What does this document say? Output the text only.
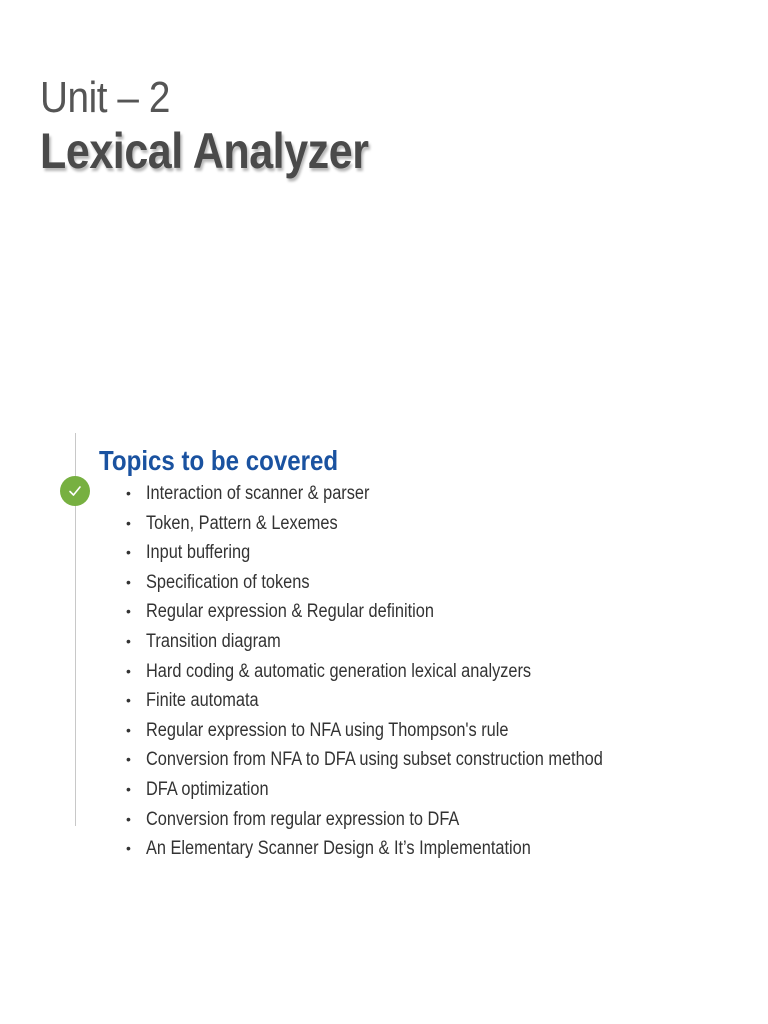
Unit – 2
Lexical Analyzer
Topics to be covered
• Interaction of scanner & parser
• Token, Pattern & Lexemes
• Input buffering
• Specification of tokens
• Regular expression & Regular definition
• Transition diagram
• Hard coding & automatic generation lexical analyzers
• Finite automata
• Regular expression to NFA using Thompson's rule
• Conversion from NFA to DFA using subset construction method
• DFA optimization
• Conversion from regular expression to DFA
• An Elementary Scanner Design & It’s Implementation
